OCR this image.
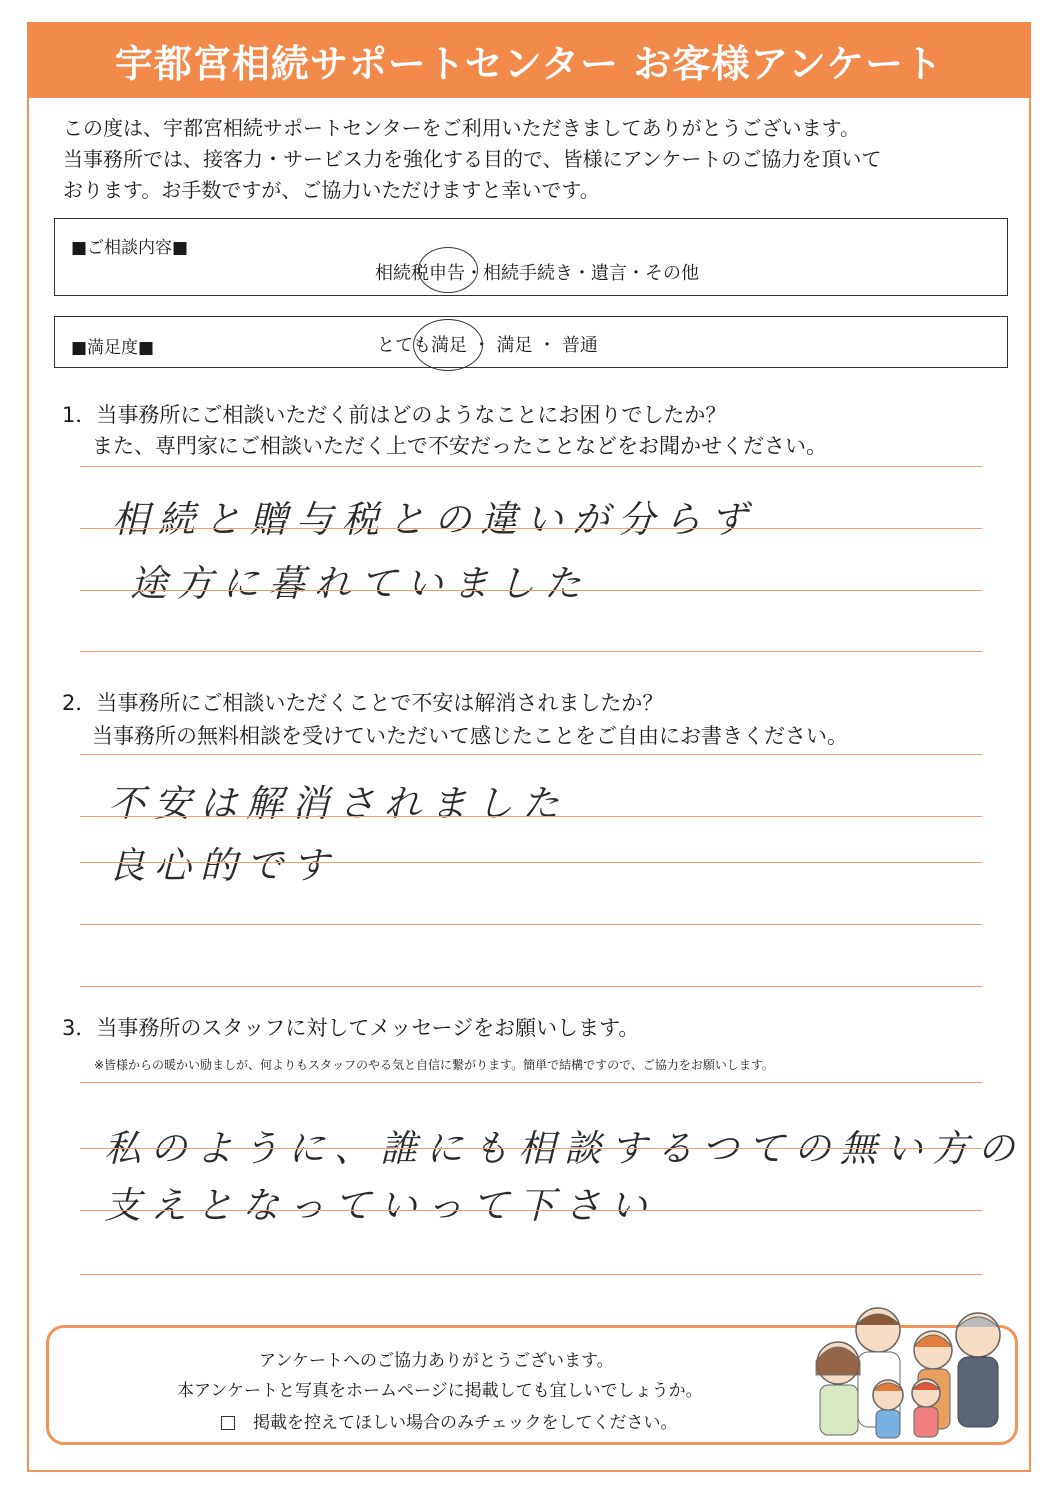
宇都宮相続サポートセンター お客様アンケート
この度は、宇都宮相続サポートセンターをご利用いただきましてありがとうございます。
当事務所では、接客力・サービス力を強化する目的で、皆様にアンケートのご協力を頂いて
おります。お手数ですが、ご協力いただけますと幸いです。
■ご相談内容■
相続税申告・相続手続き・遺言・その他
■満足度■	とても満足 ・ 満足 ・ 普通
1．当事務所にご相談いただく前はどのようなことにお困りでしたか？
また、専門家にご相談いただく上で不安だったことなどをお聞かせください。
相続と贈与税との違いが分らず
途方に暮れていました
2．当事務所にご相談いただくことで不安は解消されましたか？
当事務所の無料相談を受けていただいて感じたことをご自由にお書きください。
不安は解消されました
良心的です
3．当事務所のスタッフに対してメッセージをお願いします。
※皆様からの暖かい励ましが、何よりもスタッフのやる気と自信に繋がります。簡単で結構ですので、ご協力をお願いします。
私のように、誰にも相談するつての無い方の
支えとなっていって下さい
アンケートへのご協力ありがとうございます。
本アンケートと写真をホームページに掲載しても宜しいでしょうか。
掲載を控えてほしい場合のみチェックをしてください。
